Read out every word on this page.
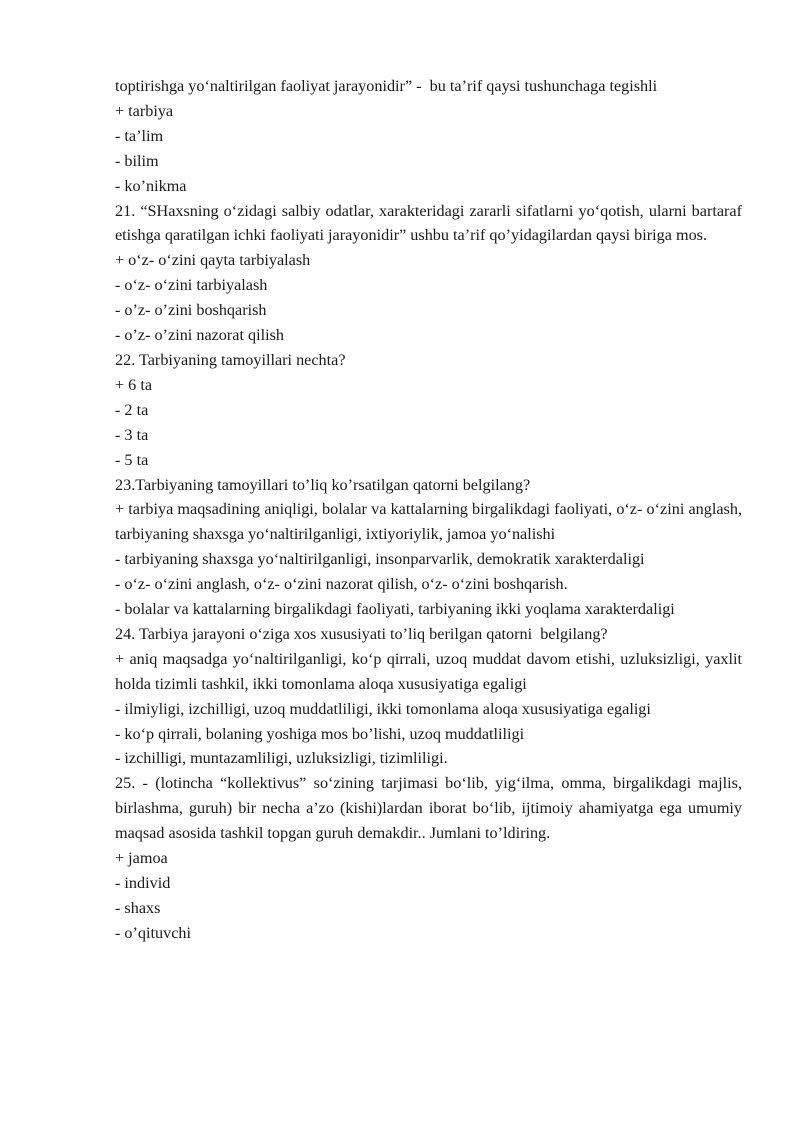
toptirishga yo‘naltirilgan faoliyat jarayonidir” -  bu ta’rif qaysi tushunchaga tegishli

+ tarbiya
- ta’lim
- bilim
- ko’nikma

21. “SHaxsning o‘zidagi salbiy odatlar, xarakteridagi zararli sifatlarni yo‘qotish, ularni bartaraf etishga qaratilgan ichki faoliyati jarayonidir” ushbu ta’rif qo’yidagilardan qaysi biriga mos.

+ o‘z- o‘zini qayta tarbiyalash
- o‘z- o‘zini tarbiyalash
- o’z- o’zini boshqarish
- o’z- o’zini nazorat qilish

22. Tarbiyaning tamoyillari nechta?

+ 6 ta
- 2 ta
- 3 ta
- 5 ta

23.Tarbiyaning tamoyillari to’liq ko’rsatilgan qatorni belgilang?

+ tarbiya maqsadining aniqligi, bolalar va kattalarning birgalikdagi faoliyati, o‘z- o‘zini anglash, tarbiyaning shaxsga yo‘naltirilganligi, ixtiyoriylik, jamoa yo‘nalishi
- tarbiyaning shaxsga yo‘naltirilganligi, insonparvarlik, demokratik xarakterdaligi
- o‘z- o‘zini anglash, o‘z- o‘zini nazorat qilish, o‘z- o‘zini boshqarish.
- bolalar va kattalarning birgalikdagi faoliyati, tarbiyaning ikki yoqlama xarakterdaligi

24. Tarbiya jarayoni o‘ziga xos xususiyati to’liq berilgan qatorni  belgilang?

+ aniq maqsadga yo‘naltirilganligi, ko‘p qirrali, uzoq muddat davom etishi, uzluksizligi, yaxlit holda tizimli tashkil, ikki tomonlama aloqa xususiyatiga egaligi
- ilmiyligi, izchilligi, uzoq muddatliligi, ikki tomonlama aloqa xususiyatiga egaligi
- ko‘p qirrali, bolaning yoshiga mos bo’lishi, uzoq muddatliligi
- izchilligi, muntazamliligi, uzluksizligi, tizimliligi.

25. - (lotincha “kollektivus” so‘zining tarjimasi bo‘lib, yig‘ilma, omma, birgalikdagi majlis, birlashma, guruh) bir necha a’zo (kishi)lardan iborat bo‘lib, ijtimoiy ahamiyatga ega umumiy maqsad asosida tashkil topgan guruh demakdir.. Jumlani to’ldiring.

+ jamoa
- individ
- shaxs
- o’qituvchi
